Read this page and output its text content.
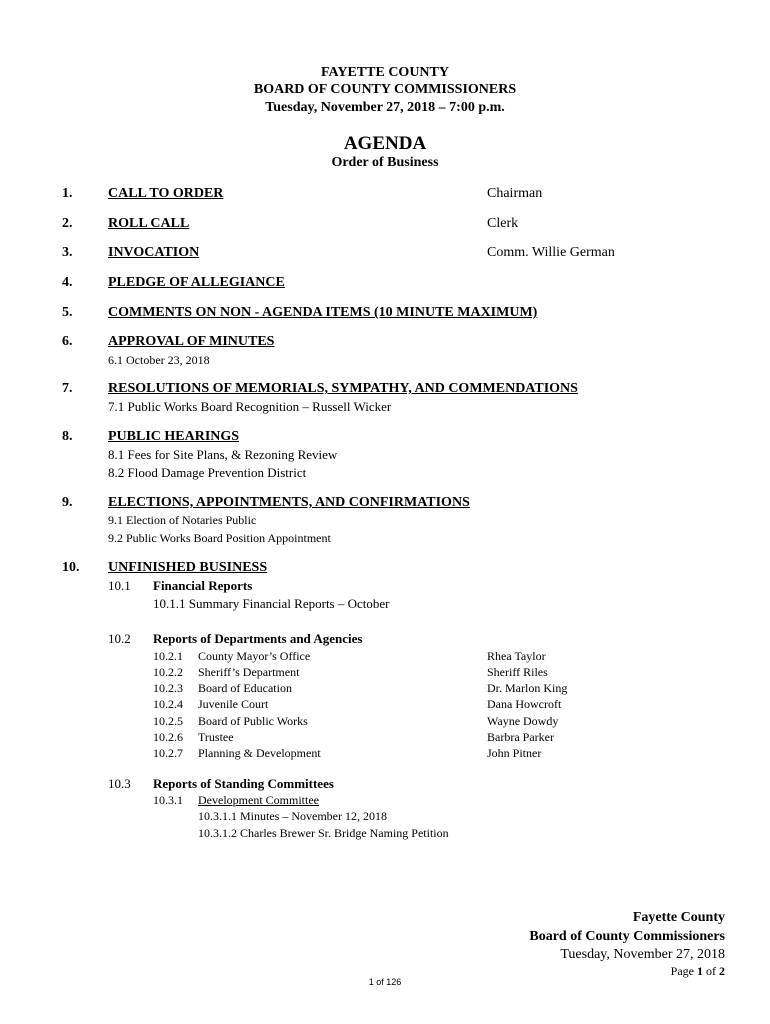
FAYETTE COUNTY
BOARD OF COUNTY COMMISSIONERS
Tuesday, November 27, 2018 – 7:00 p.m.
AGENDA
Order of Business
1.	CALL TO ORDER	Chairman
2.	ROLL CALL	Clerk
3.	INVOCATION	Comm. Willie German
4.	PLEDGE OF ALLEGIANCE
5.	COMMENTS ON NON - AGENDA ITEMS (10 MINUTE MAXIMUM)
6.	APPROVAL OF MINUTES
6.1 October 23, 2018
7.	RESOLUTIONS OF MEMORIALS, SYMPATHY, AND COMMENDATIONS
7.1 Public Works Board Recognition – Russell Wicker
8.	PUBLIC HEARINGS
8.1 Fees for Site Plans, & Rezoning Review
8.2 Flood Damage Prevention District
9.	ELECTIONS, APPOINTMENTS, AND CONFIRMATIONS
9.1 Election of Notaries Public
9.2 Public Works Board Position Appointment
10. UNFINISHED BUSINESS
10.1 Financial Reports
10.1.1 Summary Financial Reports – October
10.2 Reports of Departments and Agencies
10.2.1 County Mayor’s Office	Rhea Taylor
10.2.2 Sheriff’s Department	Sheriff Riles
10.2.3 Board of Education	Dr. Marlon King
10.2.4 Juvenile Court	Dana Howcroft
10.2.5 Board of Public Works	Wayne Dowdy
10.2.6 Trustee	Barbra Parker
10.2.7 Planning & Development	John Pitner
10.3 Reports of Standing Committees
10.3.1 Development Committee
10.3.1.1 Minutes – November 12, 2018
10.3.1.2 Charles Brewer Sr. Bridge Naming Petition
Fayette County
Board of County Commissioners
Tuesday, November 27, 2018
Page 1 of 2
1 of 126
